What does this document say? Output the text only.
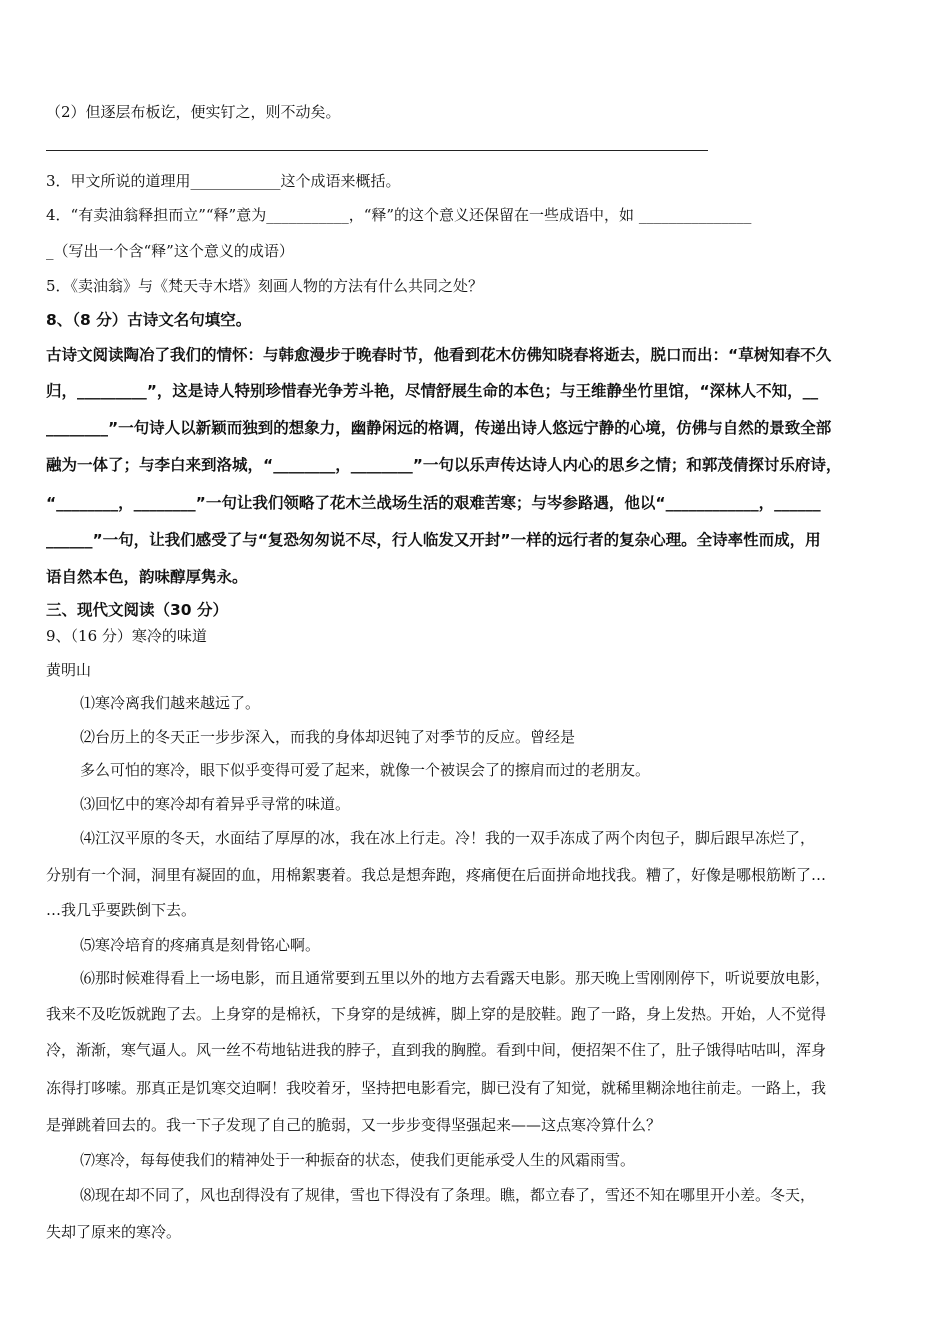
（2）但逐层布板讫，便实钉之，则不动矣。
3．甲文所说的道理用____________这个成语来概括。
4．“有卖油翁释担而立”“释”意为___________，“释”的这个意义还保留在一些成语中，如 _______________
_（写出一个含“释”这个意义的成语）
5．《卖油翁》与《梵天寺木塔》刻画人物的方法有什么共同之处？
8、（8 分）古诗文名句填空。
古诗文阅读陶冶了我们的情怀：与韩愈漫步于晚春时节，他看到花木仿佛知晓春将逝去，脱口而出：“草树知春不久
归，_________”，这是诗人特别珍惜春光争芳斗艳，尽情舒展生命的本色；与王维静坐竹里馆，“深林人不知，__
________”一句诗人以新颖而独到的想象力，幽静闲远的格调，传递出诗人悠远宁静的心境，仿佛与自然的景致全部
融为一体了；与李白来到洛城，“________，________”一句以乐声传达诗人内心的思乡之情；和郭茂倩探讨乐府诗，
“________，________”一句让我们领略了花木兰战场生活的艰难苦寒；与岑参路遇，他以“____________，______
______”一句，让我们感受了与“复恐匆匆说不尽，行人临发又开封”一样的远行者的复杂心理。全诗率性而成，用
语自然本色，韵味醇厚隽永。
三、现代文阅读（30 分）
9、（16 分）寒冷的味道
黄明山
⑴寒冷离我们越来越远了。
⑵台历上的冬天正一步步深入，而我的身体却迟钝了对季节的反应。曾经是
多么可怕的寒冷，眼下似乎变得可爱了起来，就像一个被误会了的擦肩而过的老朋友。
⑶回忆中的寒冷却有着异乎寻常的味道。
⑷江汉平原的冬天，水面结了厚厚的冰，我在冰上行走。冷！我的一双手冻成了两个肉包子，脚后跟早冻烂了，
分别有一个洞，洞里有凝固的血，用棉絮裹着。我总是想奔跑，疼痛便在后面拼命地找我。糟了，好像是哪根筋断了…
…我几乎要跌倒下去。
⑸寒冷培育的疼痛真是刻骨铭心啊。
⑹那时候难得看上一场电影，而且通常要到五里以外的地方去看露天电影。那天晚上雪刚刚停下，听说要放电影，
我来不及吃饭就跑了去。上身穿的是棉袄，下身穿的是绒裤，脚上穿的是胶鞋。跑了一路，身上发热。开始，人不觉得
冷，渐渐，寒气逼人。风一丝不苟地钻进我的脖子，直到我的胸膛。看到中间，便招架不住了，肚子饿得咕咕叫，浑身
冻得打哆嗦。那真正是饥寒交迫啊！我咬着牙，坚持把电影看完，脚已没有了知觉，就稀里糊涂地往前走。一路上，我
是弹跳着回去的。我一下子发现了自己的脆弱，又一步步变得坚强起来——这点寒冷算什么？
⑺寒冷，每每使我们的精神处于一种振奋的状态，使我们更能承受人生的风霜雨雪。
⑻现在却不同了，风也刮得没有了规律，雪也下得没有了条理。瞧，都立春了，雪还不知在哪里开小差。冬天，
失却了原来的寒冷。
